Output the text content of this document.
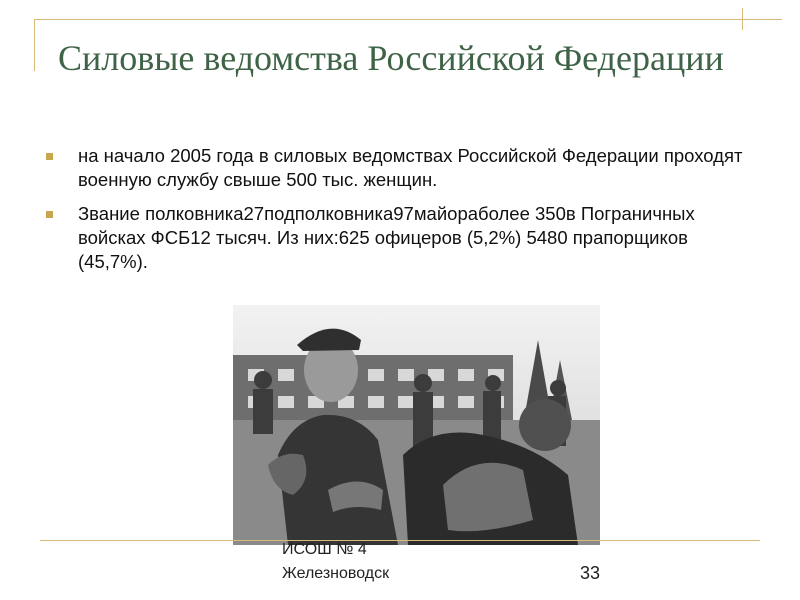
Силовые ведомства Российской Федерации
на начало 2005 года в силовых ведомствах Российской Федерации проходят военную службу свыше 500 тыс. женщин.
Звание полковника27подполковника97майорaболее 350в Пограничных войсках ФСБ12 тысяч. Из них:625 офицеров (5,2%) 5480 прапорщиков (45,7%).
ИСОШ № 4
Железноводск	33
